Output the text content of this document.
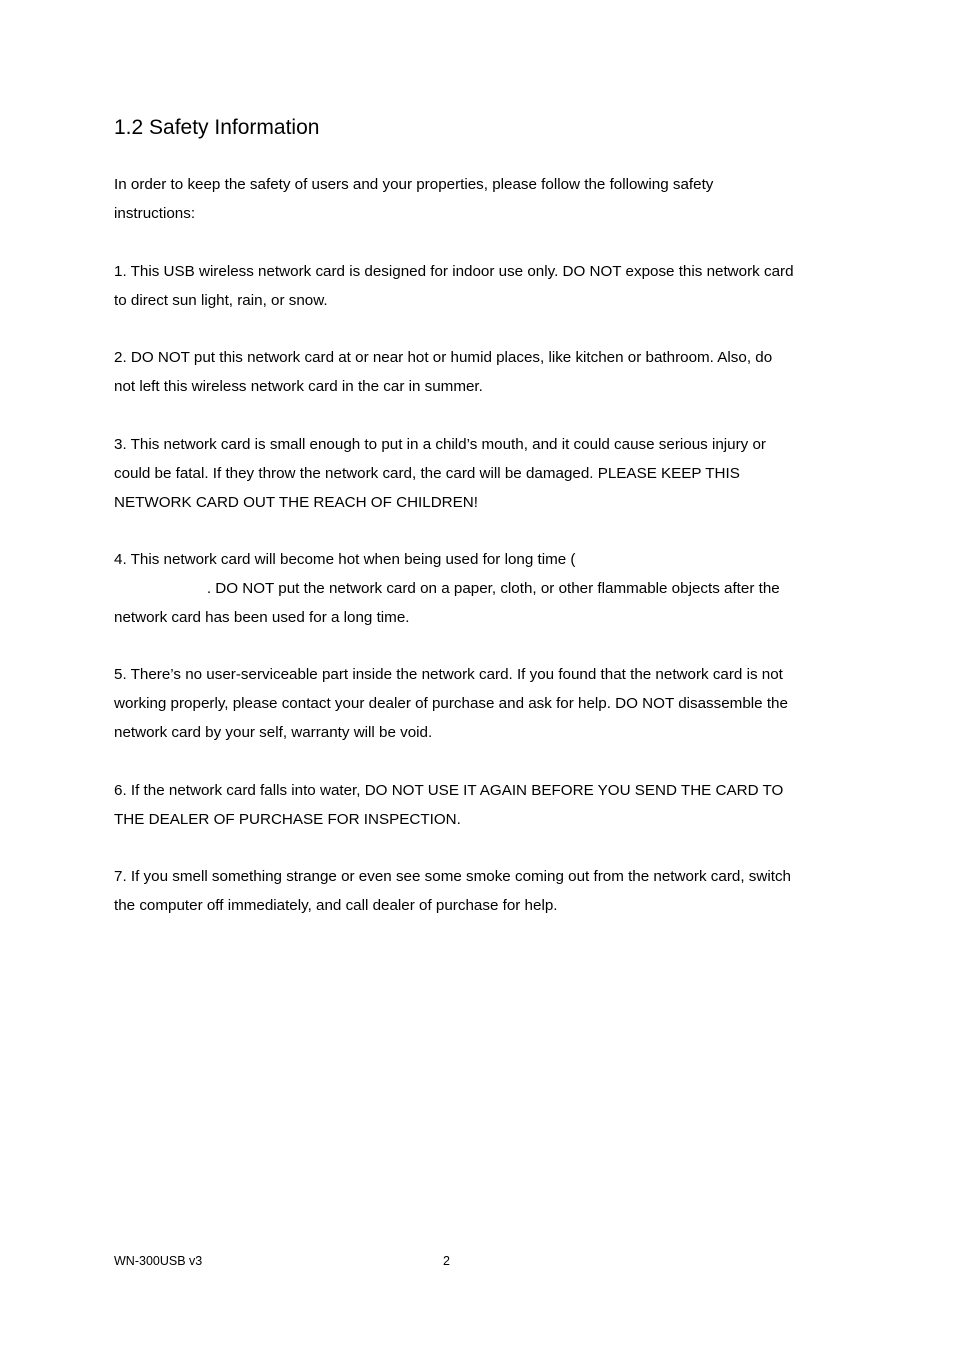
1.2 Safety Information

In order to keep the safety of users and your properties, please follow the following safety
instructions:

1. This USB wireless network card is designed for indoor use only. DO NOT expose this network card
to direct sun light, rain, or snow.

2. DO NOT put this network card at or near hot or humid places, like kitchen or bathroom. Also, do
not left this wireless network card in the car in summer.

3. This network card is small enough to put in a child’s mouth, and it could cause serious injury or
could be fatal. If they throw the network card, the card will be damaged. PLEASE KEEP THIS
NETWORK CARD OUT THE REACH OF CHILDREN!

4. This network card will become hot when being used for long time (
. DO NOT put the network card on a paper, cloth, or other flammable objects after the
network card has been used for a long time.

5. There’s no user-serviceable part inside the network card. If you found that the network card is not
working properly, please contact your dealer of purchase and ask for help. DO NOT disassemble the
network card by your self, warranty will be void.

6. If the network card falls into water, DO NOT USE IT AGAIN BEFORE YOU SEND THE CARD TO
THE DEALER OF PURCHASE FOR INSPECTION.

7. If you smell something strange or even see some smoke coming out from the network card, switch
the computer off immediately, and call dealer of purchase for help.

WN-300USB v3	2
